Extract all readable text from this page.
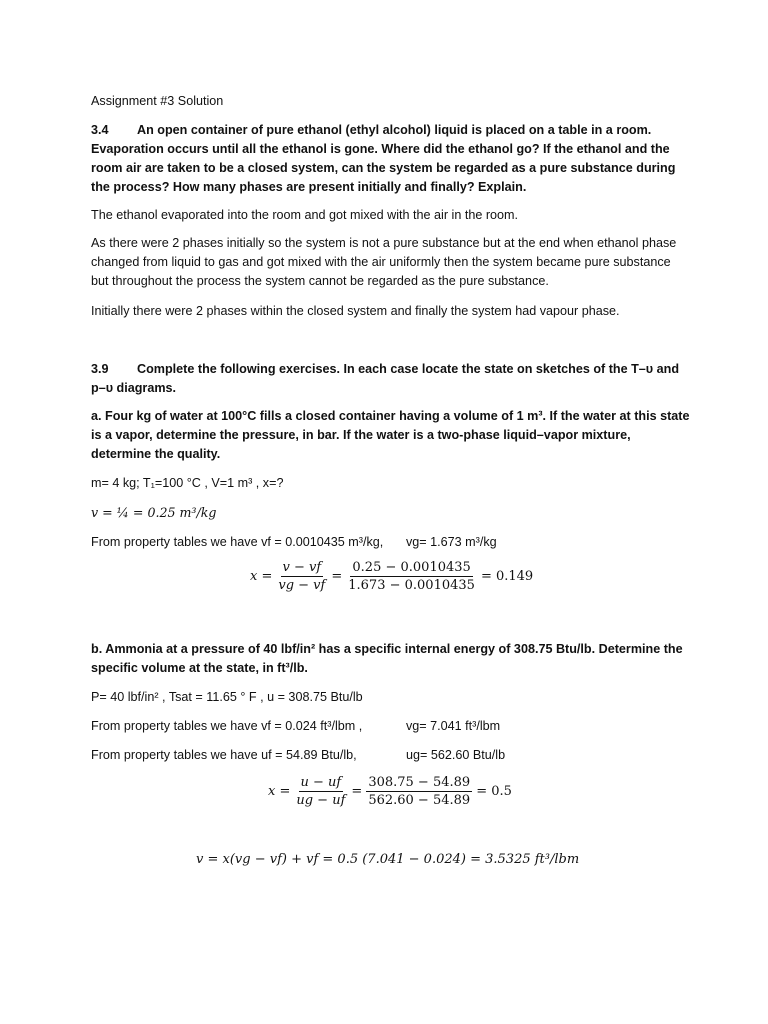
Assignment #3 Solution
3.4 An open container of pure ethanol (ethyl alcohol) liquid is placed on a table in a room. Evaporation occurs until all the ethanol is gone. Where did the ethanol go? If the ethanol and the room air are taken to be a closed system, can the system be regarded as a pure substance during the process? How many phases are present initially and finally? Explain.
The ethanol evaporated into the room and got mixed with the air in the room.
As there were 2 phases initially so the system is not a pure substance but at the end when ethanol phase changed from liquid to gas and got mixed with the air uniformly then the system became pure substance but throughout the process the system cannot be regarded as the pure substance.
Initially there were 2 phases within the closed system and finally the system had vapour phase.
3.9 Complete the following exercises. In each case locate the state on sketches of the T–υ and p–υ diagrams.
a. Four kg of water at 100°C fills a closed container having a volume of 1 m³. If the water at this state is a vapor, determine the pressure, in bar. If the water is a two-phase liquid–vapor mixture, determine the quality.
m= 4 kg; T₁=100 °C , V=1 m³ , x=?
v = ¼ = 0.25 m³/kg
From property tables we have vf = 0.0010435 m³/kg, vg= 1.673 m³/kg
$x = \frac{v - vf}{vg - vf} = \frac{0.25 - 0.0010435}{1.673 - 0.0010435} = 0.149$
b. Ammonia at a pressure of 40 lbf/in² has a specific internal energy of 308.75 Btu/lb. Determine the specific volume at the state, in ft³/lb.
P= 40 lbf/in² , Tsat = 11.65 ° F , u = 308.75 Btu/lb
From property tables we have vf = 0.024 ft³/lbm ,	vg= 7.041 ft³/lbm
From property tables we have uf = 54.89 Btu/lb,	ug= 562.60 Btu/lb
$x = \frac{u - uf}{ug - uf} = \frac{308.75 - 54.89}{562.60 - 54.89} = 0.5$
v = x(vg − vf) + vf = 0.5 (7.041 − 0.024) = 3.5325 ft³/lbm
